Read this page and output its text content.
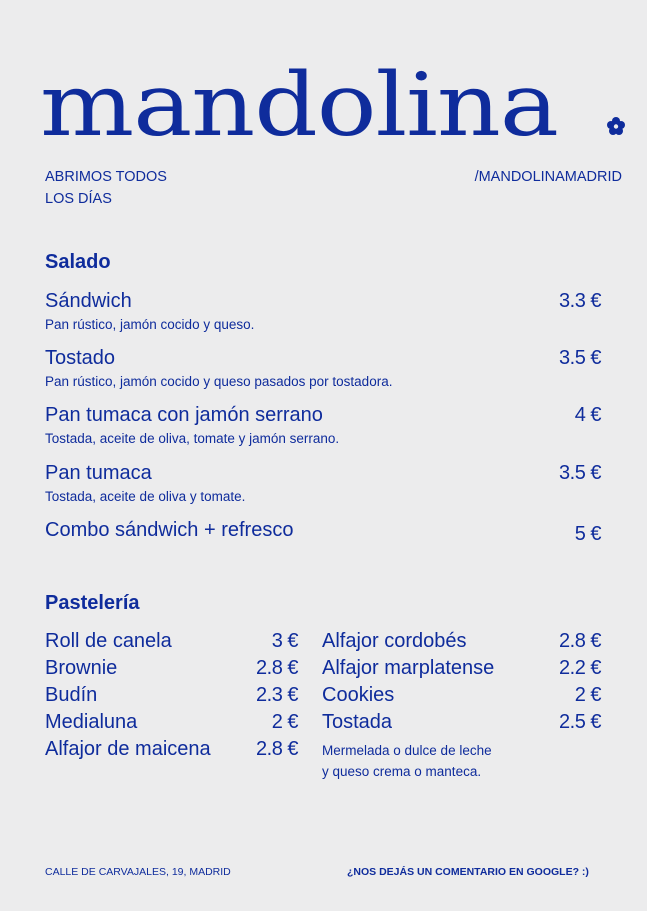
mandolina
ABRIMOS TODOS
LOS DÍAS
/MANDOLINAMADRID
Salado
Sándwich	3.3 €
Pan rústico, jamón cocido y queso.
Tostado	3.5 €
Pan rústico, jamón cocido y queso pasados por tostadora.
Pan tumaca con jamón serrano	4 €
Tostada, aceite de oliva, tomate y jamón serrano.
Pan tumaca	3.5 €
Tostada, aceite de oliva y tomate.
Combo sándwich + refresco	5 €
Pastelería
Roll de canela	3 €
Brownie	2.8 €
Budín	2.3 €
Medialuna	2 €
Alfajor de maicena 2.8 €
Alfajor cordobés	2.8 €
Alfajor marplatense	2.2 €
Cookies	2 €
Tostada	2.5 €
Mermelada o dulce de leche
y queso crema o manteca.
CALLE DE CARVAJALES, 19, MADRID	¿NOS DEJÁS UN COMENTARIO EN GOOGLE? :)
